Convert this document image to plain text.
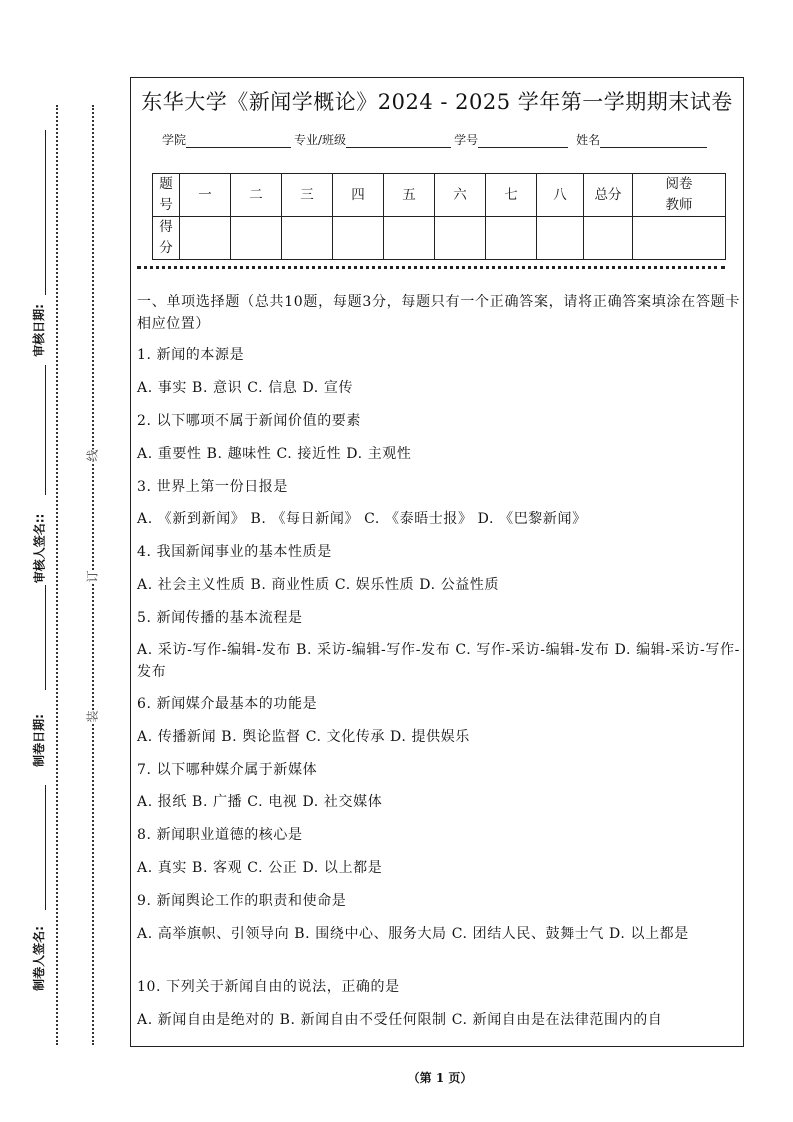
审核日期:
审核人签名::
制卷日期:
制卷人签名:
线
订
装
东华大学《新闻学概论》2024 - 2025 学年第一学期期末试卷
学院	专业/班级	学号	姓名
题号	一	二	三	四	五	六	七	八	总分	阅卷教师
得分										
一、单项选择题（总共10题，每题3分，每题只有一个正确答案，请将正确答案填涂在答题卡相应位置）
1. 新闻的本源是
A. 事实 B. 意识 C. 信息 D. 宣传
2. 以下哪项不属于新闻价值的要素
A. 重要性 B. 趣味性 C. 接近性 D. 主观性
3. 世界上第一份日报是
A. 《新到新闻》 B. 《每日新闻》 C. 《泰晤士报》 D. 《巴黎新闻》
4. 我国新闻事业的基本性质是
A. 社会主义性质 B. 商业性质 C. 娱乐性质 D. 公益性质
5. 新闻传播的基本流程是
A. 采访-写作-编辑-发布 B. 采访-编辑-写作-发布 C. 写作-采访-编辑-发布 D. 编辑-采访-写作-发布
6. 新闻媒介最基本的功能是
A. 传播新闻 B. 舆论监督 C. 文化传承 D. 提供娱乐
7. 以下哪种媒介属于新媒体
A. 报纸 B. 广播 C. 电视 D. 社交媒体
8. 新闻职业道德的核心是
A. 真实 B. 客观 C. 公正 D. 以上都是
9. 新闻舆论工作的职责和使命是
A. 高举旗帜、引领导向 B. 围绕中心、服务大局 C. 团结人民、鼓舞士气 D. 以上都是
10. 下列关于新闻自由的说法，正确的是
A. 新闻自由是绝对的 B. 新闻自由不受任何限制 C. 新闻自由是在法律范围内的自
（第 1 页）
